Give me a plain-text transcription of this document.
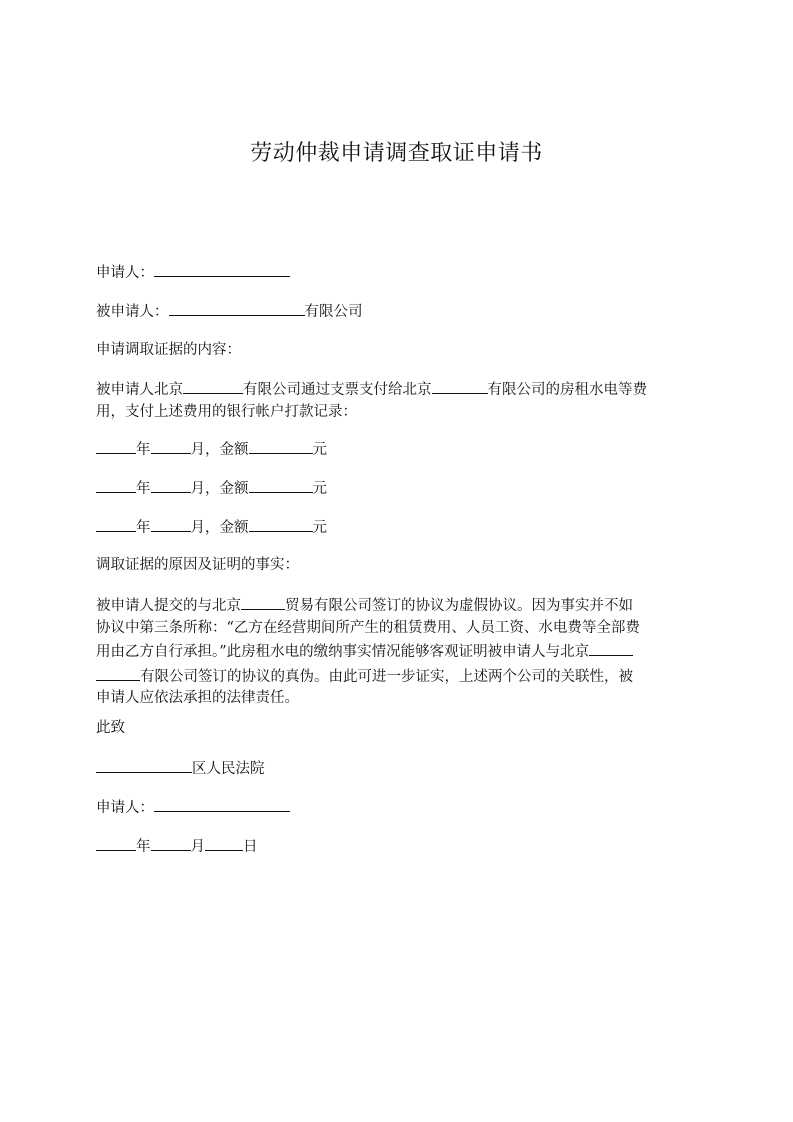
劳动仲裁申请调查取证申请书
申请人：
被申请人：	有限公司
申请调取证据的内容：
被申请人北京	有限公司通过支票支付给北京	有限公司的房租水电等费
用，支付上述费用的银行帐户打款记录：
年	月，金额	元
年	月，金额	元
年	月，金额	元
调取证据的原因及证明的事实：
被申请人提交的与北京	贸易有限公司签订的协议为虚假协议。因为事实并不如
协议中第三条所称：“乙方在经营期间所产生的租赁费用、人员工资、水电费等全部费
用由乙方自行承担。”此房租水电的缴纳事实情况能够客观证明被申请人与北京
有限公司签订的协议的真伪。由此可进一步证实，上述两个公司的关联性，被
申请人应依法承担的法律责任。
此致
区人民法院
申请人：
年	月	日
